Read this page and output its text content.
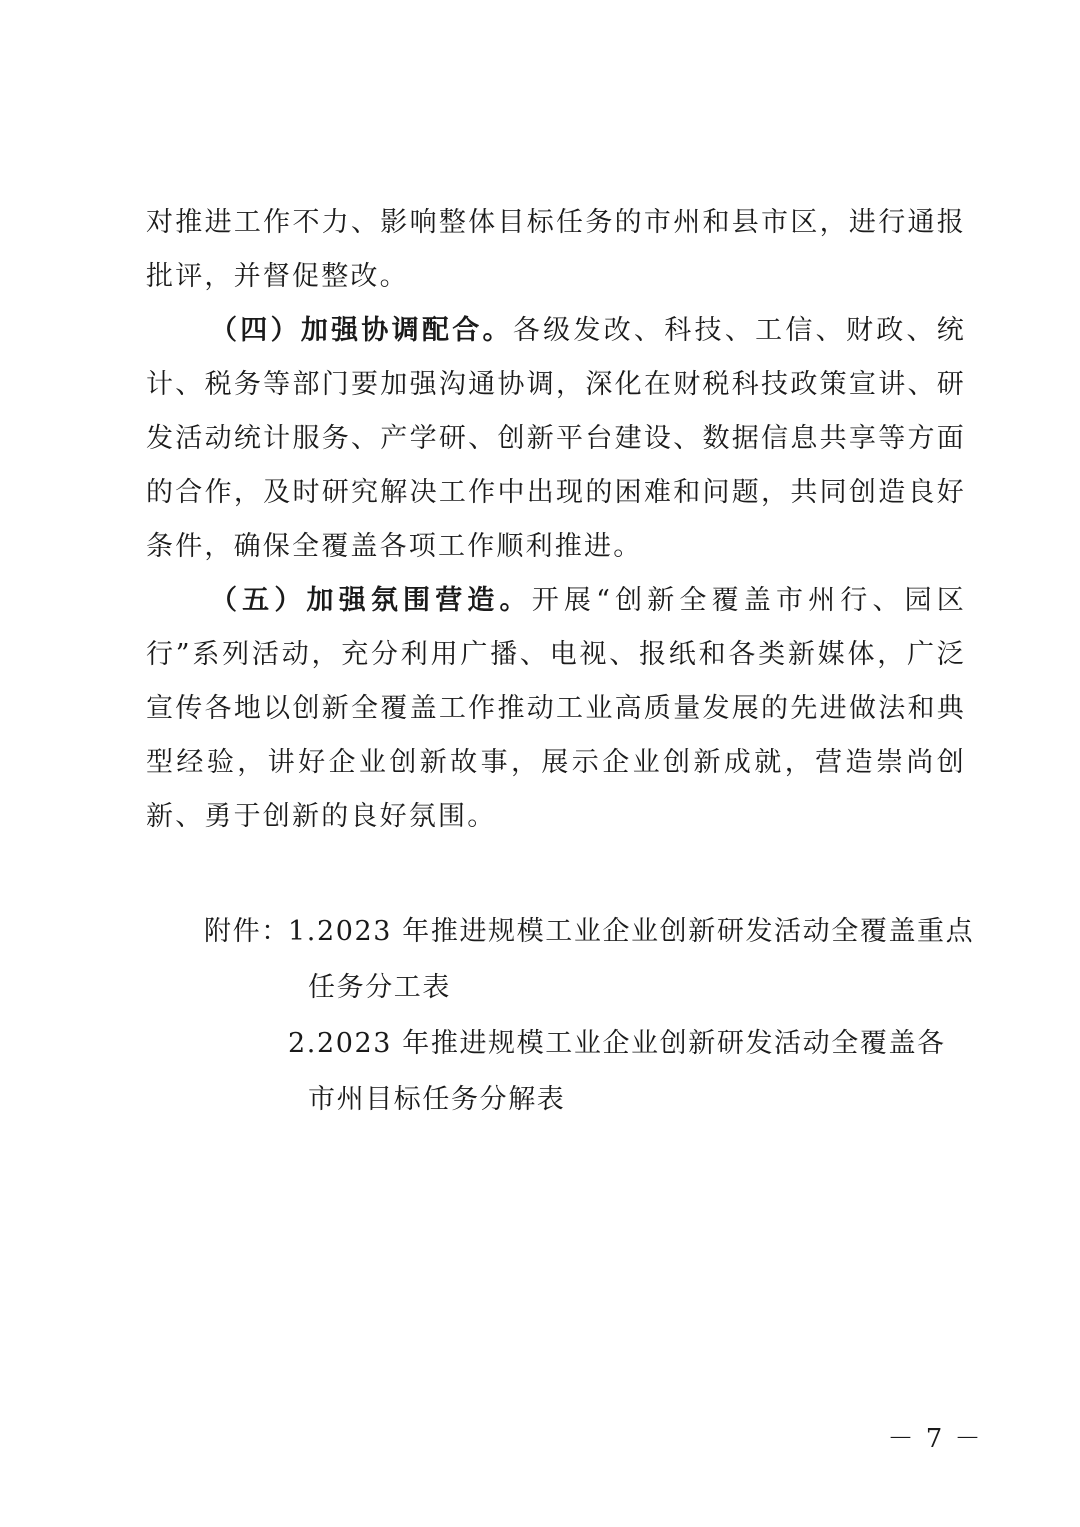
对推进工作不力、影响整体目标任务的市州和县市区，进行通报批评，并督促整改。

（四）加强协调配合。各级发改、科技、工信、财政、统计、税务等部门要加强沟通协调，深化在财税科技政策宣讲、研发活动统计服务、产学研、创新平台建设、数据信息共享等方面的合作，及时研究解决工作中出现的困难和问题，共同创造良好条件，确保全覆盖各项工作顺利推进。

（五）加强氛围营造。开展“创新全覆盖市州行、园区行”系列活动，充分利用广播、电视、报纸和各类新媒体，广泛宣传各地以创新全覆盖工作推动工业高质量发展的先进做法和典型经验，讲好企业创新故事，展示企业创新成就，营造崇尚创新、勇于创新的良好氛围。

附件：

1.2023 年推进规模工业企业创新研发活动全覆盖重点
任务分工表

2.2023 年推进规模工业企业创新研发活动全覆盖各
市州目标任务分解表

－ 7 －
